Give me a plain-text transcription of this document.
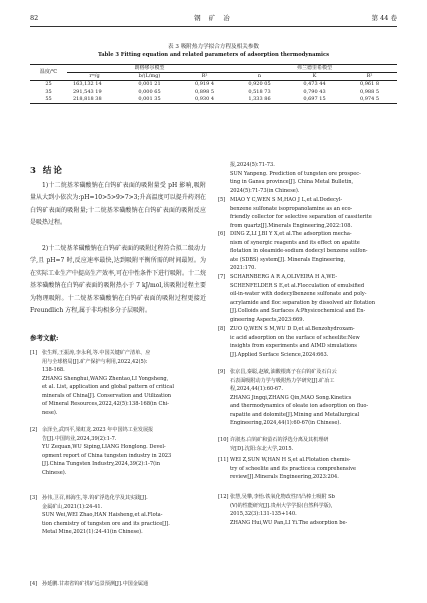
82	钢 矿 冶	第 44 卷
表 3 吸附热力学拟合方程及相关参数
Table 3 Fitting equation and related parameters of adsorption thermodynamics
温度/℃	朗格缪尔模型			弗兰德里希模型		
	rᵐ/g	b/(L/mg)	R²	n	K	R²
25	163,132 14	0,001 21	0,919 4	0,920 05	0,473 44	0,961 8
35	291,543 19	0,000 65	0,898 5	0,518 73	0,790 43	0,988 5
55	218,818 38	0,001 35	0,930 4	1,333 86	0,697 15	0,974 5
3 结论
1)十二烷基苯磺酸钠在白钨矿表面的吸附量受 pH 影响,吸附量从大到小依次为:pH=10>5>9>7>3;升高温度可以提升药剂在白钨矿表面的吸附量;十二烷基苯磺酸钠在白钨矿表面的吸附反应是吸热过程。
2)十二烷基苯磺酸钠在白钨矿表面的吸附过程符合拟二级动力学,且 pH=7 时,反应速率最快,达到吸附平衡所需的时间最短。为在实际工业生产中提高生产效率,可在中性条件下进行吸附。十二烷基苯磺酸钠在白钨矿表面的吸附热小于 7 kJ/mol,该吸附过程主要为物理吸附。十二烷基苯磺酸钠在白钨矿表面的吸附过程更接近 Freundlich 方程,属于非均相多分子层吸附。
参考文献:
[1] 张生辉,王振涛,李永利,等.中国关键矿产清单、应
用与全球格局[J].矿产保护与利用,2022,42(5):
138-168.
ZHANG Shenghui,WANG Zhentao,LI Yongsheng,
et al. List, application and global pattern of critical
minerals of China[J]. Conservation and Utilization
of Mineral Resources,2022,42(5):138-168(in Chi-
nese).
[2] 余泽全,武四平,梁虹龙.2023 年中国钨工业发展报
告[J].中国钨业,2024,39(2):1-7.
YU Zequan,WU Siping,LIANG Honglong. Devel-
opment report of China tungsten industry in 2023
[J].China Tungsten Industry,2024,39(2):1-7(in
Chinese).
[3] 孙伟,卫召,韩海生,等.钨矿浮选化学及其实践[J].
金属矿山,2021(1):24-41.
SUN Wei,WEI Zhao,HAN Haisheng,et al.Flota-
tion chemistry of tungsten ore and its practice[J].
Metal Mine,2021(1):24-41(in Chinese).
[4] 孙延鹏.甘肃省钨矿找矿远景预测[J].中国金属通
报,2024(5):71-73.
SUN Yanpeng. Prediction of tungsten ore prospec-
ting in Gansu province[J]. China Metal Bulletin,
2024(5):71-73(in Chinese).
[5] MIAO Y C,WEN S M,HAO J L,et al.Dodecyl-
benzene sulfonate isopropanolamine as an eco-
friendly collector for selective separation of cassiterite
from quartz[J].Minerals Engineering,2022:108.
[6] DING Z,LI J,BI Y X,et al.The adsorption mecha-
nism of synergic reagents and its effect on apatite
flotation in oleamide-sodium dodecyl benzene sulfon-
ate (SDBS) system[J]. Minerals Engineering,
2021:170.
[7] SCHARNBERG A R A,OLIVEIRA H A,WE-
SCHENFELDER S E,et al.Flocculation of emulsified
oil-in-water with dodecylbenzene sulfonate and poly-
acrylamide and floc separation by dissolved air flotation
[J].Colloids and Surfaces A:Physicochemical and En-
gineering Aspects,2023:669.
[8] ZUO Q,WEN S M,WU D D,et al.Benzohydroxam-
ic acid adsorption on the surface of scheelite:New
insights from experiments and AIMD simulations
[J].Applied Surface Science,2024:663.
[9] 张京昌,秦聪,赵敏,油酸根离子在白钨矿及石白云
石表面吸附动力学与吸附热力学研究[J].矿冶工
程,2024,44(1):60-67.
ZHANG Jingqi,ZHANG Qin,MAO Song.Kinetics
and thermodynamics of oleate ion adsorption on fluo-
rapatite and dolomite[J].Mining and Metallurgical
Engineering,2024,44(1):60-67(in Chinese).
[10] 许淑杰.白钨矿和萤石的浮选分离及其机理研
究[D].沈阳:东北大学,2015.
[11] WEI Z,SUN W,HAN H S,et al.Flotation chemis-
try of scheelite and its practice:a comprehensive
review[J].Minerals Engineering,2023:204.
[12] 张慧,吴攀,李怡.铁氧化物改性凹凸棒土吸附 Sb
(V)的性能研究[J].贵州大学学报(自然科学版),
2015,32(3):131-135+140.
ZHANG Hui,WU Pan,LI Yi.The adsorption be-
